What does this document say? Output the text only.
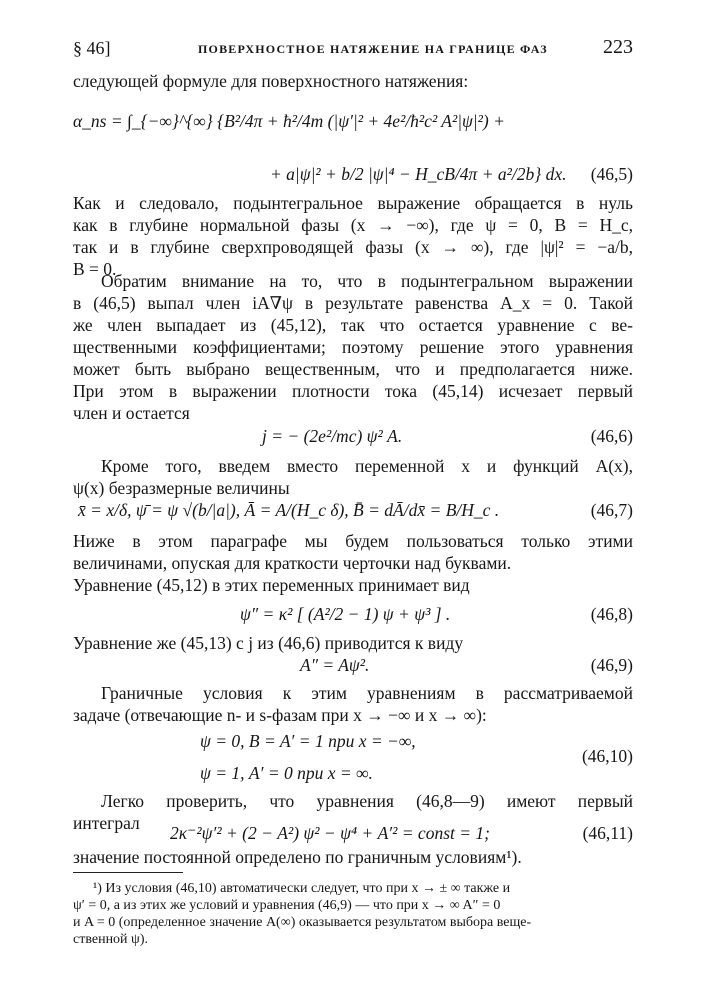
§ 46]	ПОВЕРХНОСТНОЕ НАТЯЖЕНИЕ НА ГРАНИЦЕ ФАЗ	223
следующей формуле для поверхностного натяжения:
α_ns = ∫_{−∞}^{∞} {B²/4π + ħ²/4m (|ψ′|² + 4e²/ħ²c² A²|ψ|²) +
+ a|ψ|² + b/2 |ψ|⁴ − H_cB/4π + a²/2b} dx. (46,5)
Как и следовало, подынтегральное выражение обращается в нуль
как в глубине нормальной фазы (x → −∞), где ψ = 0, B = H_c,
так и в глубине сверхпроводящей фазы (x → ∞), где |ψ|² = −a/b,
B = 0.
Обратим внимание на то, что в подынтегральном выражении
в (46,5) выпал член iA∇ψ в результате равенства A_x = 0. Такой
же член выпадает из (45,12), так что остается уравнение с ве-
щественными коэффициентами; поэтому решение этого уравнения
может быть выбрано вещественным, что и предполагается ниже.
При этом в выражении плотности тока (45,14) исчезает первый
член и остается
j = − (2e²/mc) ψ² A.	(46,6)
Кроме того, введем вместо переменной x и функций A(x),
ψ(x) безразмерные величины
x̄ = x/δ, ψ̄ = ψ √(b/|a|), Ā = A/(H_c δ), B̄ = dĀ/dx̄ = B/H_c .	(46,7)
Ниже в этом параграфе мы будем пользоваться только этими
величинами, опуская для краткости черточки над буквами.
Уравнение (45,12) в этих переменных принимает вид
ψ″ = κ² [ (A²/2 − 1) ψ + ψ³ ] .	(46,8)
Уравнение же (45,13) с j из (46,6) приводится к виду
A″ = Aψ².	(46,9)
Граничные условия к этим уравнениям в рассматриваемой
задаче (отвечающие n- и s-фазам при x → −∞ и x → ∞):
ψ = 0, B = A′ = 1 при x = −∞,
(46,10)
ψ = 1, A′ = 0 при x = ∞.
Легко проверить, что уравнения (46,8—9) имеют первый
интеграл	2κ⁻²ψ′² + (2 − A²) ψ² − ψ⁴ + A′² = const = 1;	(46,11)
значение постоянной определено по граничным условиям¹).
¹) Из условия (46,10) автоматически следует, что при x → ± ∞ также и
ψ′ = 0, а из этих же условий и уравнения (46,9) — что при x → ∞ A″ = 0
и A = 0 (определенное значение A(∞) оказывается результатом выбора веще-
ственной ψ).
